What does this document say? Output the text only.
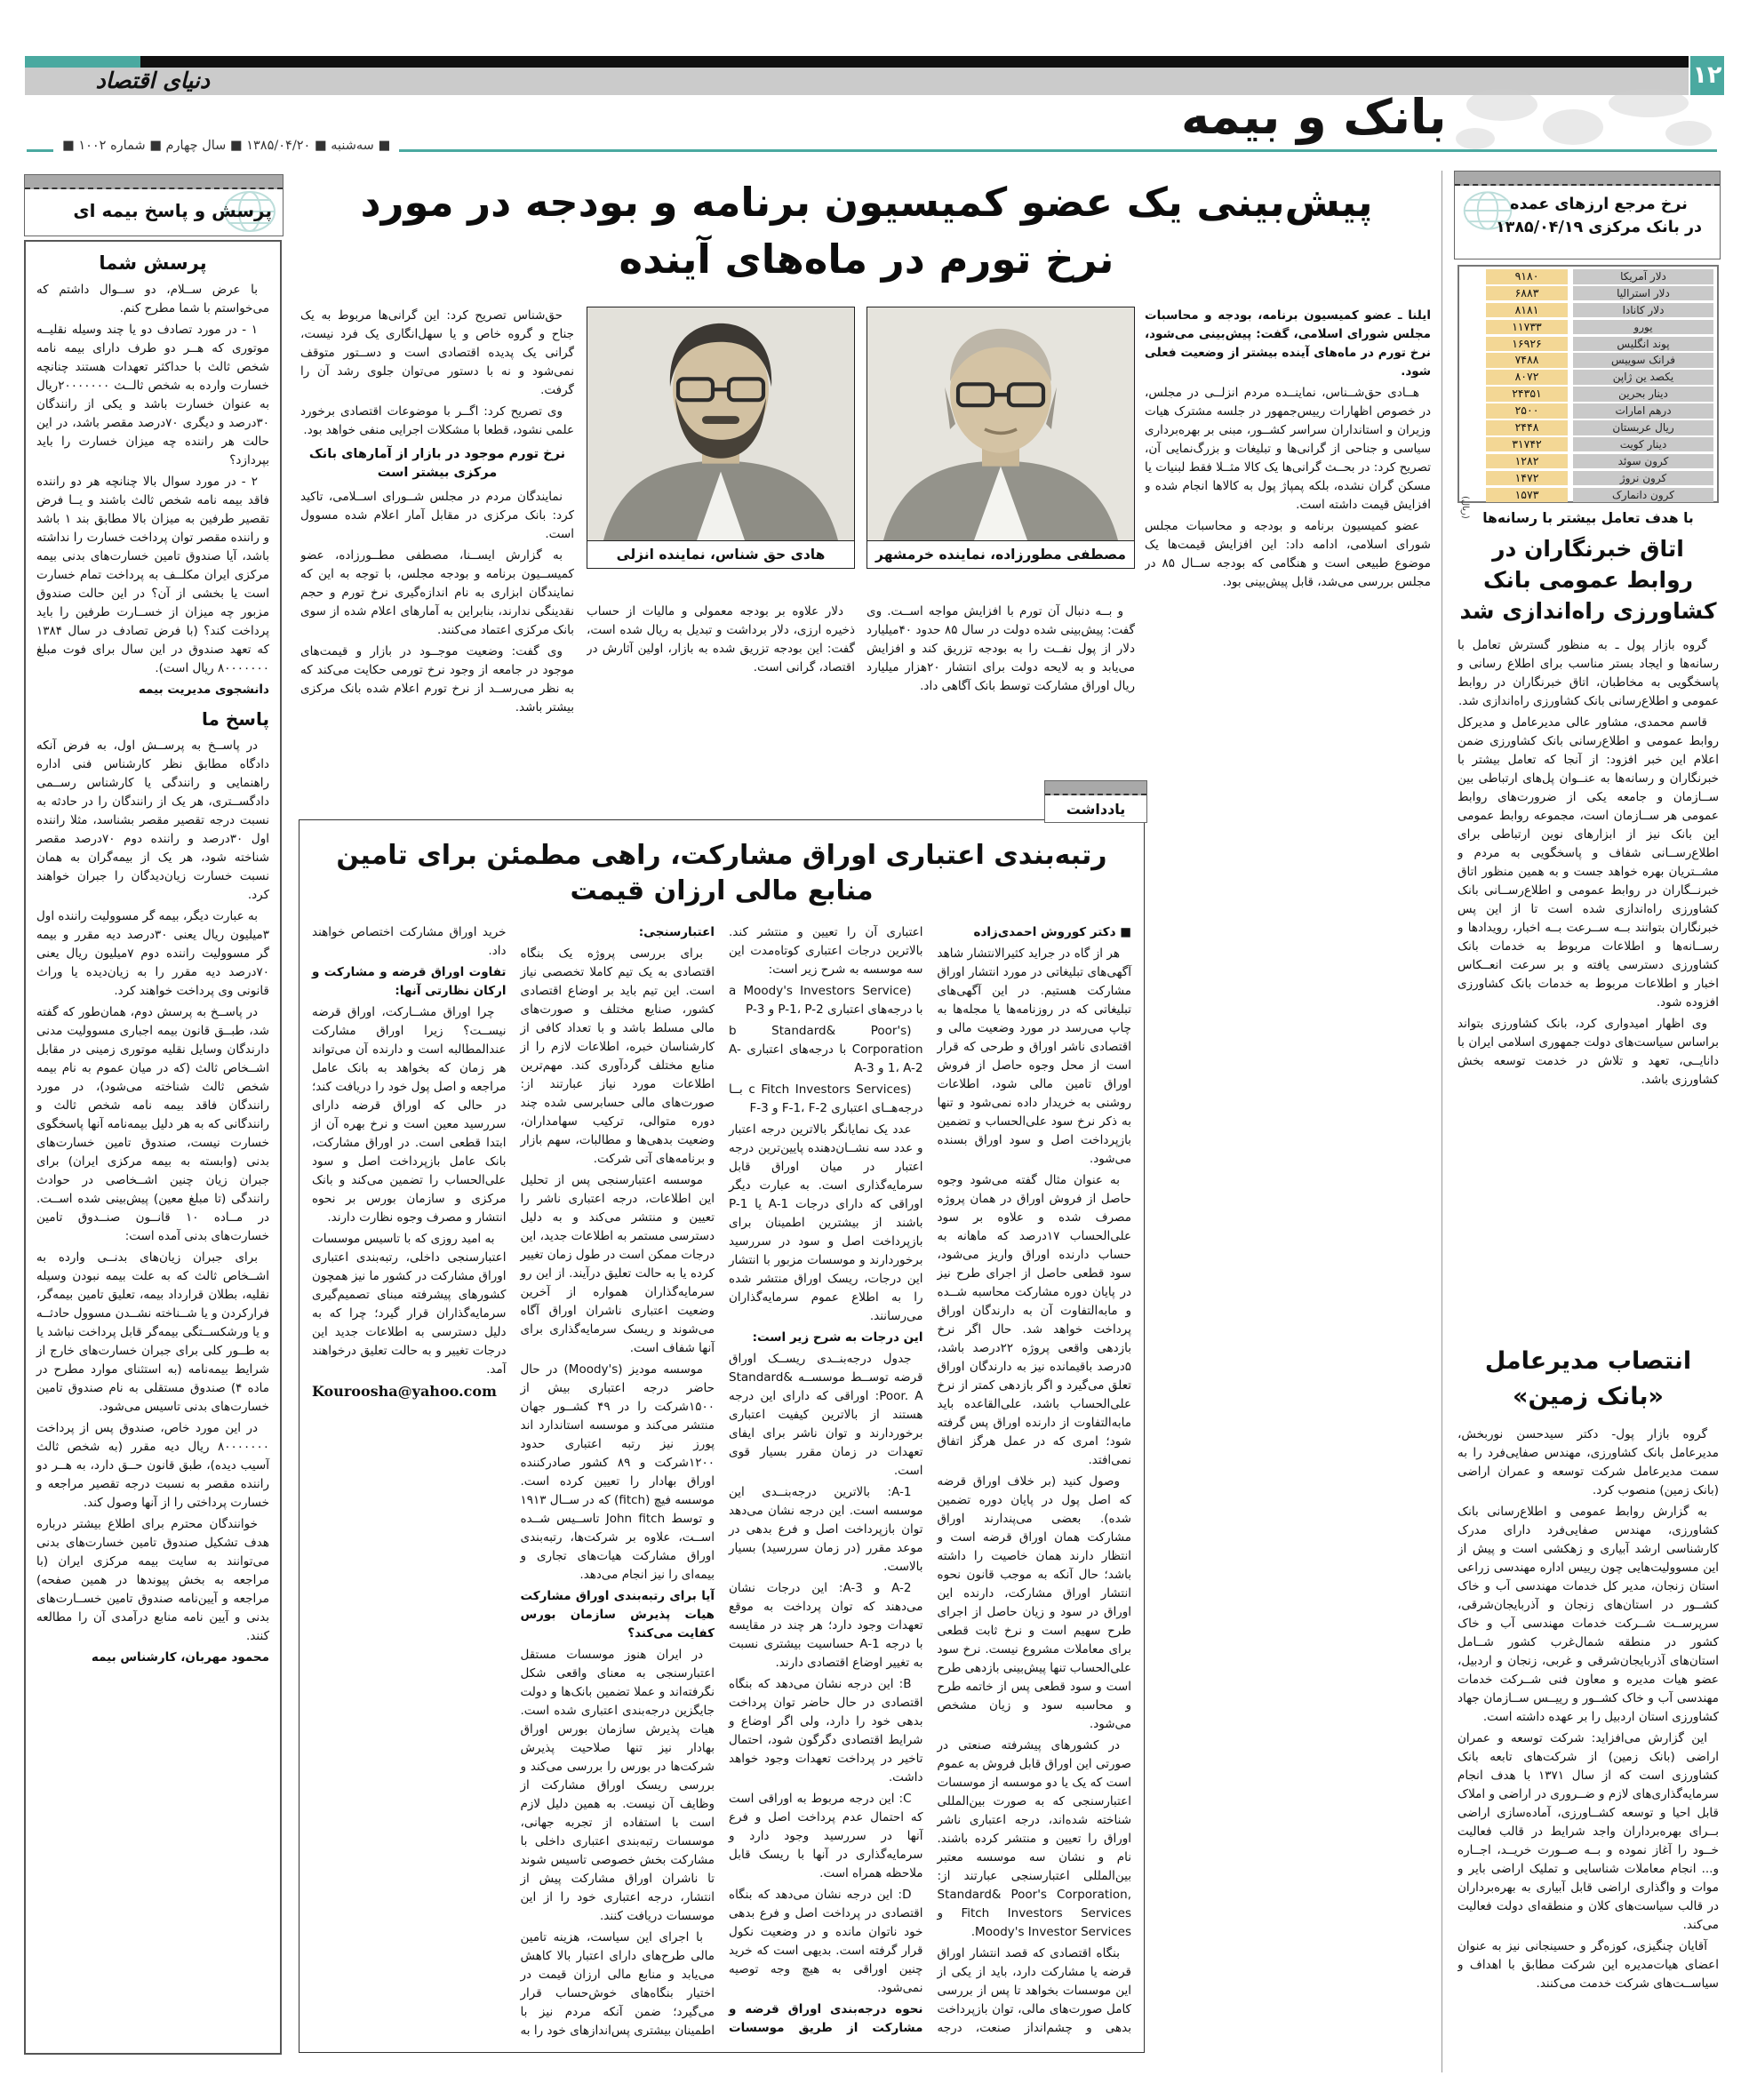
دنیای اقتصاد	۱۲
بانک و بیمه
■ سه‌شنبه ■ ۱۳۸۵/۰۴/۲۰ ■ سال چهارم ■ شماره ۱۰۰۲ ■
پرسش و پاسخ بیمه ای
پرسش شما

با عرض ســلام، دو ســوال داشتم که می‌خواستم با شما مطرح کنم.

۱ - در مورد تصادف دو یا چند وسیله نقلیــه موتوری که هــر دو طرف دارای بیمه نامه شخص ثالث با حداکثر تعهدات هستند چنانچه خسارت وارده به شخص ثالــث ۲۰۰۰۰۰۰۰ریال به عنوان خسارت باشد و یکی از رانندگان ۳۰درصد و دیگری ۷۰درصد مقصر باشد، در این حالت هر راننده چه میزان خسارت را باید بپردازد؟

۲ - در مورد سوال بالا چنانچه هر دو راننده فاقد بیمه نامه شخص ثالث باشند و یــا فرض تقصیر طرفین به میزان بالا مطابق بند ۱ باشد و راننده مقصر توان پرداخت خسارت را نداشته باشد، آیا صندوق تامین خسارت‌های بدنی بیمه مرکزی ایران مکلــف به پرداخت تمام خسارت است یا بخشی از آن؟ در این حالت صندوق مزبور چه میزان از خســارت طرفین را باید پرداخت کند؟ (با فرض تصادف در سال ۱۳۸۴ که تعهد صندوق در این سال برای فوت مبلغ ۸۰۰۰۰۰۰۰ ریال است).

دانشجوی مدیریت بیمه

پاسخ ما

در پاســخ به پرســش اول، به فرض آنکه دادگاه مطابق نظر کارشناس فنی اداره راهنمایی و رانندگی یا کارشناس رســمی دادگســتری، هر یک از رانندگان را در حادثه به نسبت درجه تقصیر مقصر بشناسد، مثلا راننده اول ۳۰درصد و راننده دوم ۷۰درصد مقصر شناخته شود، هر یک از بیمه‌گران به همان نسبت خسارت زیان‌دیدگان را جبران خواهند کرد.

به عبارت دیگر، بیمه گر مسوولیت راننده اول ۳میلیون ریال یعنی ۳۰درصد دیه مقرر و بیمه گر مسوولیت راننده دوم ۷میلیون ریال یعنی ۷۰درصد دیه مقرر را به زیان‌دیده یا وراث قانونی وی پرداخت خواهند کرد.

در پاســخ به پرسش دوم، همان‌طور که گفته شد، طبــق قانون بیمه اجباری مسوولیت مدنی دارندگان وسایل نقلیه موتوری زمینی در مقابل اشــخاص ثالث (که در میان عموم به نام بیمه شخص ثالث شناخته می‌شود)، در مورد رانندگان فاقد بیمه نامه شخص ثالث و رانندگانی که به هر دلیل بیمه‌نامه آنها پاسخگوی خسارت نیست، صندوق تامین خسارت‌های بدنی (وابسته به بیمه مرکزی ایران) برای جبران زیان چنین اشــخاصی در حوادث رانندگی (تا مبلغ معین) پیش‌بینی شده اســت. در مــاده ۱۰ قانــون صنــدوق تامین خسارت‌های بدنی آمده است:

برای جبران زیان‌های بدنــی وارده به اشــخاص ثالث که به علت بیمه نبودن وسیله نقلیه، بطلان قرارداد بیمه، تعلیق تامین بیمه‌گر، فرارکردن و یا شــناخته نشــدن مسوول حادثــه و یا ورشکســتگی بیمه‌گر قابل پرداخت نباشد یا به طــور کلی برای جبران خسارت‌های خارج از شرایط بیمه‌نامه (به استثنای موارد مطرح در ماده ۴) صندوق مستقلی به نام صندوق تامین خسارت‌های بدنی تاسیس می‌شود.

در این مورد خاص، صندوق پس از پرداخت ۸۰۰۰۰۰۰۰ ریال دیه مقرر (به شخص ثالث آسیب دیده)، طبق قانون حــق دارد، به هــر دو راننده مقصر به نسبت درجه تقصیر مراجعه و خسارت پرداختی را از آنها وصول کند.

خوانندگان محترم برای اطلاع بیشتر درباره هدف تشکیل صندوق تامین خسارت‌های بدنی می‌توانند به سایت بیمه مرکزی ایران (با مراجعه به بخش پیوندها در همین صفحه) مراجعه و آیین‌نامه صندوق تامین خســارت‌های بدنی و آیین نامه منابع درآمدی آن را مطالعه کنند.

محمود مهربان، کارشناس بیمه

پیش‌بینی یک عضو کمیسیون برنامه و بودجه در مورد
نرخ تورم در ماه‌های آینده

ایلنا ـ عضو کمیسیون برنامه، بودجه و محاسبات مجلس شورای اسلامی، گفت: پیش‌بینی می‌شود، نرخ تورم در ماه‌های آینده بیشتر از وضعیت فعلی شود.

هــادی حق‌شــناس، نماینــده مردم انزلــی در مجلس، در خصوص اظهارات رییس‌جمهور در جلسه مشترک هیات وزیران و استانداران سراسر کشــور، مبنی بر بهره‌برداری سیاسی و جناحی از گرانی‌ها و تبلیغات و بزرگ‌نمایی آن، تصریح کرد: در بحــث گرانی‌ها یک کالا مثــلا فقط لبنیات یا مسکن گران نشده، بلکه پمپاژ پول به کالاها انجام شده و افزایش قیمت داشته است.

عضو کمیسیون برنامه و بودجه و محاسبات مجلس شورای اسلامی، ادامه داد: این افزایش قیمت‌ها یک موضوع طبیعی است و هنگامی که بودجه ســال ۸۵ در مجلس بررسی می‌شد، قابل پیش‌بینی بود.

مصطفی مطورزاده، نماینده خرمشهر

و بــه دنبال آن تورم با افزایش مواجه اســت. وی گفت: پیش‌بینی شده دولت در سال ۸۵ حدود ۴۰میلیارد دلار از پول نفــت را به بودجه تزریق کند و افزایش می‌یابد و به لایحه دولت برای انتشار ۲۰هزار میلیارد ریال اوراق مشارکت توسط بانک آگاهی داد.

هادی حق شناس، نماینده انزلی

دلار علاوه بر بودجه معمولی و مالیات از حساب ذخیره ارزی، دلار برداشت و تبدیل به ریال شده است، گفت: این بودجه تزریق شده به بازار، اولین آثارش در اقتصاد، گرانی است.

حق‌شناس تصریح کرد: این گرانی‌ها مربوط به یک جناح و گروه خاص و یا سهل‌انگاری یک فرد نیست، گرانی یک پدیده اقتصادی است و دســتور متوقف نمی‌شود و نه با دستور می‌توان جلوی رشد آن را گرفت.

وی تصریح کرد: اگــر با موضوعات اقتصادی برخورد علمی نشود، قطعا با مشکلات اجرایی منفی خواهد بود.

نرخ تورم موجود در بازار از آمارهای بانک مرکزی بیشتر است

نمایندگان مردم در مجلس شــورای اســلامی، تاکید کرد: بانک مرکزی در مقابل آمار اعلام شده مسوول است.

به گزارش ایســنا، مصطفی مطــورزاده، عضو کمیســیون برنامه و بودجه مجلس، با توجه به این که نمایندگان ابزاری به نام اندازه‌گیری نرخ تورم و حجم نقدینگی ندارند، بنابراین به آمارهای اعلام شده از سوی بانک مرکزی اعتماد می‌کنند.

وی گفت: وضعیت موجــود در بازار و قیمت‌های موجود در جامعه از وجود نرخ تورمی حکایت می‌کند که به نظر می‌رســد از نرخ تورم اعلام شده بانک مرکزی بیشتر باشد.

یادداشت
رتبه‌بندی اعتباری اوراق مشارکت، راهی مطمئن برای تامین منابع مالی ارزان قیمت

■ دکتر کوروش احمدی‌زاده

هر از گاه در جراید کثیرالانتشار شاهد آگهی‌های تبلیغاتی در مورد انتشار اوراق مشارکت هستیم. در این آگهی‌های تبلیغاتی که در روزنامه‌ها یا مجله‌ها به چاپ می‌رسد در مورد وضعیت مالی و اقتصادی ناشر اوراق و طرحی که قرار است از محل وجوه حاصل از فروش اوراق تامین مالی شود، اطلاعات روشنی به خریدار داده نمی‌شود و تنها به ذکر نرخ سود علی‌الحساب و تضمین بازپرداخت اصل و سود اوراق بسنده می‌شود.

به عنوان مثال گفته می‌شود وجوه حاصل از فروش اوراق در همان پروژه مصرف شده و علاوه بر سود علی‌الحساب ۱۷درصد که ماهانه به حساب دارنده اوراق واریز می‌شود، سود قطعی حاصل از اجرای طرح نیز در پایان دوره مشارکت محاسبه شــده و مابه‌التفاوت آن به دارندگان اوراق پرداخت خواهد شد. حال اگر نرخ بازدهی واقعی پروژه ۲۲درصد باشد، ۵درصد باقیمانده نیز به دارندگان اوراق تعلق می‌گیرد و اگر بازدهی کمتر از نرخ علی‌الحساب باشد، علی‌القاعده باید مابه‌التفاوت از دارنده اوراق پس گرفته شود؛ امری که در عمل هرگز اتفاق نمی‌افتد.

وصول کنید (بر خلاف اوراق قرضه که اصل پول در پایان دوره تضمین شده). بعضی می‌پندارند اوراق مشارکت همان اوراق قرضه است و انتظار دارند همان خاصیت را داشته باشد؛ حال آنکه به موجب قانون نحوه انتشار اوراق مشارکت، دارنده این اوراق در سود و زیان حاصل از اجرای طرح سهیم است و نرخ ثابت قطعی برای معاملات مشروع نیست. نرخ سود علی‌الحساب تنها پیش‌بینی بازدهی طرح است و سود قطعی پس از خاتمه طرح و محاسبه سود و زیان مشخص می‌شود.

در کشورهای پیشرفته صنعتی در صورتی این اوراق قابل فروش به عموم است که یک یا دو موسسه از موسسات اعتبارسنجی که به صورت بین‌المللی شناخته شده‌اند، درجه اعتباری ناشر اوراق را تعیین و منتشر کرده باشند. نام و نشان سه موسسه معتبر بین‌المللی اعتبارسنجی عبارتند از: Standard& Poor's Corporation, Fitch Investors Services و Moody's Investor Services.

بنگاه اقتصادی که قصد انتشار اوراق قرضه یا مشارکت دارد، باید از یکی از این موسسات بخواهد تا پس از بررسی کامل صورت‌های مالی، توان بازپرداخت بدهی و چشم‌انداز صنعت، درجه اعتباری آن را تعیین و منتشر کند. بالاترین درجات اعتباری کوتاه‌مدت این سه موسسه به شرح زیر است:

(a Moody's Investors Service با درجه‌های اعتباری P-1، P-2 و P-3

(b Standard& Poor's Corporation با درجه‌های اعتباری A-1، A-2 و A-3

(c Fitch Investors Services بــا درجه‌هــای اعتباری F-1، F-2 و F-3

عدد یک نمایانگر بالاترین درجه اعتبار و عدد سه نشــان‌دهنده پایین‌ترین درجه اعتبار در میان اوراق قابل سرمایه‌گذاری است. به عبارت دیگر اوراقی که دارای درجات A-1 یا P-1 باشند از بیشترین اطمینان برای بازپرداخت اصل و سود در سررسید برخوردارند و موسسات مزبور با انتشار این درجات، ریسک اوراق منتشر شده را به اطلاع عموم سرمایه‌گذاران می‌رسانند.

این درجات به شرح زیر است:

جدول درجه‌بنــدی ریســک اوراق قرضه توســط موسســه Standard& Poor. A: اوراقی که دارای این درجه هستند از بالاترین کیفیت اعتباری برخوردارند و توان ناشر برای ایفای تعهدات در زمان مقرر بسیار قوی است.

A-1: بالاترین درجه‌بنــدی این موسسه است. این درجه نشان می‌دهد توان بازپرداخت اصل و فرع بدهی در موعد مقرر (در زمان سررسید) بسیار بالاست.

A-2 و A-3: این درجات نشان می‌دهند که توان پرداخت به موقع تعهدات وجود دارد؛ هر چند در مقایسه با درجه A-1 حساسیت بیشتری نسبت به تغییر اوضاع اقتصادی دارند.

B: این درجه نشان می‌دهد که بنگاه اقتصادی در حال حاضر توان پرداخت بدهی خود را دارد، ولی اگر اوضاع و شرایط اقتصادی دگرگون شود، احتمال تاخیر در پرداخت تعهدات وجود خواهد داشت.

C: این درجه مربوط به اوراقی است که احتمال عدم پرداخت اصل و فرع آنها در سررسید وجود دارد و سرمایه‌گذاری در آنها با ریسک قابل ملاحظه همراه است.

D: این درجه نشان می‌دهد که بنگاه اقتصادی در پرداخت اصل و فرع بدهی خود ناتوان مانده و در وضعیت نکول قرار گرفته است. بدیهی است که خرید چنین اوراقی به هیچ وجه توصیه نمی‌شود.

نحوه درجه‌بندی اوراق قرضه و مشارکت از طریق موسسات اعتبارسنجی:

برای بررسی پروژه یک بنگاه اقتصادی به یک تیم کاملا تخصصی نیاز است. این تیم باید بر اوضاع اقتصادی کشور، صنایع مختلف و صورت‌های مالی مسلط باشد و با تعداد کافی از کارشناسان خبره، اطلاعات لازم را از منابع مختلف گردآوری کند. مهم‌ترین اطلاعات مورد نیاز عبارتند از: صورت‌های مالی حسابرسی شده چند دوره متوالی، ترکیب سهامداران، وضعیت بدهی‌ها و مطالبات، سهم بازار و برنامه‌های آتی شرکت.

موسسه اعتبارسنجی پس از تحلیل این اطلاعات، درجه اعتباری ناشر را تعیین و منتشر می‌کند و به دلیل دسترسی مستمر به اطلاعات جدید، این درجات ممکن است در طول زمان تغییر کرده یا به حالت تعلیق درآیند. از این رو سرمایه‌گذاران همواره از آخرین وضعیت اعتباری ناشران اوراق آگاه می‌شوند و ریسک سرمایه‌گذاری برای آنها شفاف است.

موسسه مودیز (Moody's) در حال حاضر درجه اعتباری بیش از ۱۵۰۰شرکت را در ۴۹ کشــور جهان منتشر می‌کند و موسسه استاندارد اند پورز نیز رتبه اعتباری حدود ۱۲۰۰شرکت و ۸۹ کشور صادرکننده اوراق بهادار را تعیین کرده است. موسسه فیچ (fitch) که در ســال ۱۹۱۳ و توسط John fitch تاســیس شــده اســت، علاوه بر شرکت‌ها، رتبه‌بندی اوراق مشارکت هیات‌های تجاری و بیمه‌ای را نیز انجام می‌دهد.

آیا برای رتبه‌بندی اوراق مشارکت هیات پذیرش سازمان بورس کفایت می‌کند؟

در ایران هنوز موسسات مستقل اعتبارسنجی به معنای واقعی شکل نگرفته‌اند و عملا تضمین بانک‌ها و دولت جایگزین درجه‌بندی اعتباری شده است. هیات پذیرش سازمان بورس اوراق بهادار نیز تنها صلاحیت پذیرش شرکت‌ها در بورس را بررسی می‌کند و بررسی ریسک اوراق مشارکت از وظایف آن نیست. به همین دلیل لازم است با استفاده از تجربه جهانی، موسسات رتبه‌بندی اعتباری داخلی با مشارکت بخش خصوصی تاسیس شوند تا ناشران اوراق مشارکت پیش از انتشار، درجه اعتباری خود را از این موسسات دریافت کنند.

با اجرای این سیاست، هزینه تامین مالی طرح‌های دارای اعتبار بالا کاهش می‌یابد و منابع مالی ارزان قیمت در اختیار بنگاه‌های خوش‌حساب قرار می‌گیرد؛ ضمن آنکه مردم نیز با اطمینان بیشتری پس‌اندازهای خود را به خرید اوراق مشارکت اختصاص خواهند داد.

تفاوت اوراق قرضه و مشارکت و ارکان نظارتی آنها:

چرا اوراق مشــارکت، اوراق قرضه نیســت؟ زیرا اوراق مشارکت عندالمطالبه است و دارنده آن می‌تواند هر زمان که بخواهد به بانک عامل مراجعه و اصل پول خود را دریافت کند؛ در حالی که اوراق قرضه دارای سررسید معین است و نرخ بهره آن از ابتدا قطعی است. در اوراق مشارکت، بانک عامل بازپرداخت اصل و سود علی‌الحساب را تضمین می‌کند و بانک مرکزی و سازمان بورس بر نحوه انتشار و مصرف وجوه نظارت دارند.

به امید روزی که با تاسیس موسسات اعتبارسنجی داخلی، رتبه‌بندی اعتباری اوراق مشارکت در کشور ما نیز همچون کشورهای پیشرفته مبنای تصمیم‌گیری سرمایه‌گذاران قرار گیرد؛ چرا که به دلیل دسترسی به اطلاعات جدید این درجات تغییر و به حالت تعلیق درخواهند آمد.

Kouroosha@yahoo.com

نرخ مرجع ارزهای عمده
در بانک مرکزی ۱۳۸۵/۰۴/۱۹
دلار آمریکا
۹۱۸۰
دلار استرالیا
۶۸۸۳
دلار کانادا
۸۱۸۱
یورو
۱۱۷۳۳
پوند انگلیس
۱۶۹۲۶
فرانک سوییس
۷۴۸۸
یکصد ین ژاپن
۸۰۷۲
دینار بحرین
۲۴۳۵۱
درهم امارات
۲۵۰۰
ریال عربستان
۲۴۴۸
دینار کویت
۳۱۷۴۲
کرون سوئد
۱۲۸۲
کرون نروژ
۱۴۷۲
کرون دانمارک
۱۵۷۳
(ریال) با هدف تعامل بیشتر با رسانه‌ها
اتاق خبرنگاران در
روابط عمومی بانک
کشاورزی راه‌اندازی شد

گروه بازار پول ـ به منظور گسترش تعامل با رسانه‌ها و ایجاد بستر مناسب برای اطلاع رسانی و پاسخگویی به مخاطبان، اتاق خبرنگاران در روابط عمومی و اطلاع‌رسانی بانک کشاورزی راه‌اندازی شد.

قاسم محمدی، مشاور عالی مدیرعامل و مدیرکل روابط عمومی و اطلاع‌رسانی بانک کشاورزی ضمن اعلام این خبر افزود: از آنجا که تعامل بیشتر با خبرنگاران و رسانه‌ها به عنــوان پل‌های ارتباطی بین ســازمان و جامعه یکی از ضرورت‌های روابط عمومی هر ســازمان است، مجموعه روابط عمومی این بانک نیز از ابزارهای نوین ارتباطی برای اطلاع‌رســانی شفاف و پاسخگویی به مردم و مشــتریان بهره خواهد جست و به همین منظور اتاق خبرنــگاران در روابط عمومی و اطلاع‌رســانی بانک کشاورزی راه‌اندازی شده است تا از این پس خبرنگاران بتوانند بــه ســرعت بــه اخبار، رویدادها و رســانه‌ها و اطلاعات مربوط به خدمات بانک کشاورزی دسترسی یافته و بر سرعت انعــکاس اخبار و اطلاعات مربوط به خدمات بانک کشاورزی افزوده شود.

وی اظهار امیدواری کرد، بانک کشاورزی بتواند براساس سیاست‌های دولت جمهوری اسلامی ایران با دانایــی، تعهد و تلاش در خدمت توسعه بخش کشاورزی باشد.

انتصاب مدیرعامل
«بانک زمین»

گروه بازار پول- دکتر سیدحسن نوربخش، مدیرعامل بانک کشاورزی، مهندس صفایی‌فرد را به سمت مدیرعامل شرکت توسعه و عمران اراضی (بانک زمین) منصوب کرد.

به گزارش روابط عمومی و اطلاع‌رسانی بانک کشاورزی، مهندس صفایی‌فرد دارای مدرک کارشناسی ارشد آبیاری و زهکشی است و پیش از این مسوولیت‌هایی چون رییس اداره مهندسی زراعی استان زنجان، مدیر کل خدمات مهندسی آب و خاک کشــور در استان‌های زنجان و آذربایجان‌شرقی، سرپرســت شــرکت خدمات مهندسی آب و خاک کشور در منطقه شمال‌غرب کشور شــامل استان‌های آذربایجان‌شرقی و غربی، زنجان و اردبیل، عضو هیات مدیره و معاون فنی شــرکت خدمات مهندسی آب و خاک کشــور و رییــس ســازمان جهاد کشاورزی استان اردبیل را بر عهده داشته است.

این گزارش می‌افزاید: شرکت توسعه و عمران اراضی (بانک زمین) از شرکت‌های تابعه بانک کشاورزی است که از سال ۱۳۷۱ با هدف انجام سرمایه‌گذاری‌های لازم و ضــروری در اراضی و املاک قابل احیا و توسعه کشــاورزی، آماده‌سازی اراضی بــرای بهره‌برداران واجد شرایط در قالب فعالیت خــود را آغاز نموده و بــه صــورت خریــد، اجــاره و... انجام معاملات شناسایی و تملیک اراضی بایر و موات و واگذاری اراضی قابل آبیاری به بهره‌برداران در قالب سیاست‌های کلان و منطقه‌ای دولت فعالیت می‌کند.

آقایان چنگیزی، کوزه‌گر و حسینجانی نیز به عنوان اعضای هیات‌مدیره این شرکت مطابق با اهداف و سیاســت‌های شرکت خدمت می‌کنند.
